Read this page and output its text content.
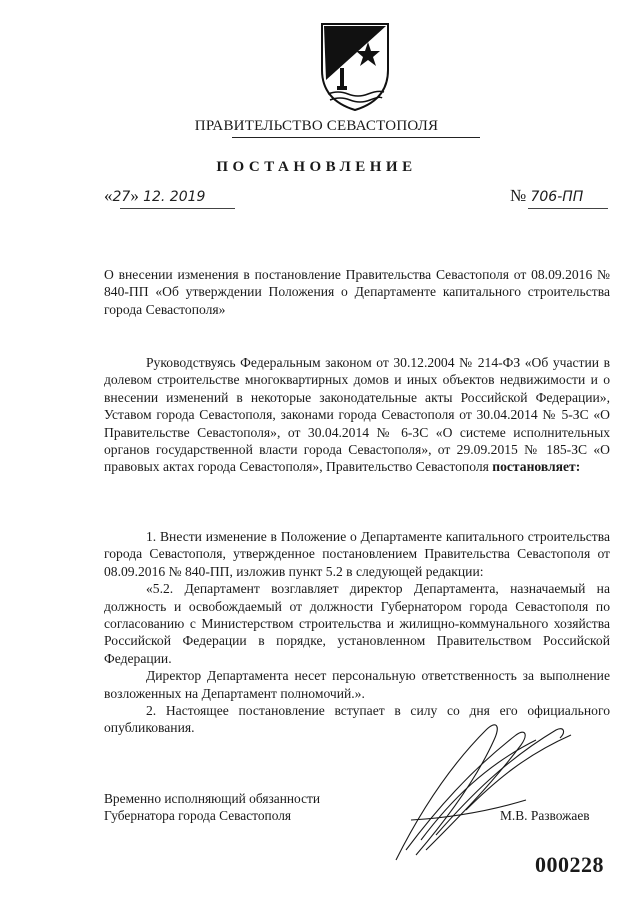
ПРАВИТЕЛЬСТВО СЕВАСТОПОЛЯ
ПОСТАНОВЛЕНИЕ
«27» 12. 2019	№ 706-ПП

О внесении изменения в постановление Правительства Севастополя от 08.09.2016 № 840-ПП «Об утверждении Положения о Департаменте капитального строительства города Севастополя»

Руководствуясь Федеральным законом от 30.12.2004 № 214-ФЗ «Об участии в долевом строительстве многоквартирных домов и иных объектов недвижимости и о внесении изменений в некоторые законодательные акты Российской Федерации», Уставом города Севастополя, законами города Севастополя от 30.04.2014 № 5-ЗС «О Правительстве Севастополя», от 30.04.2014 № 6-ЗС «О системе исполнительных органов государственной власти города Севастополя», от 29.09.2015 № 185-ЗС «О правовых актах города Севастополя», Правительство Севастополя постановляет:

1. Внести изменение в Положение о Департаменте капитального строительства города Севастополя, утвержденное постановлением Правительства Севастополя от 08.09.2016 № 840-ПП, изложив пункт 5.2 в следующей редакции:

«5.2. Департамент возглавляет директор Департамента, назначаемый на должность и освобождаемый от должности Губернатором города Севастополя по согласованию с Министерством строительства и жилищно-коммунального хозяйства Российской Федерации в порядке, установленном Правительством Российской Федерации.

Директор Департамента несет персональную ответственность за выполнение возложенных на Департамент полномочий.».

2. Настоящее постановление вступает в силу со дня его официального опубликования.

Временно исполняющий обязанности
Губернатора города Севастополя	М.В. Развожаев
000228
